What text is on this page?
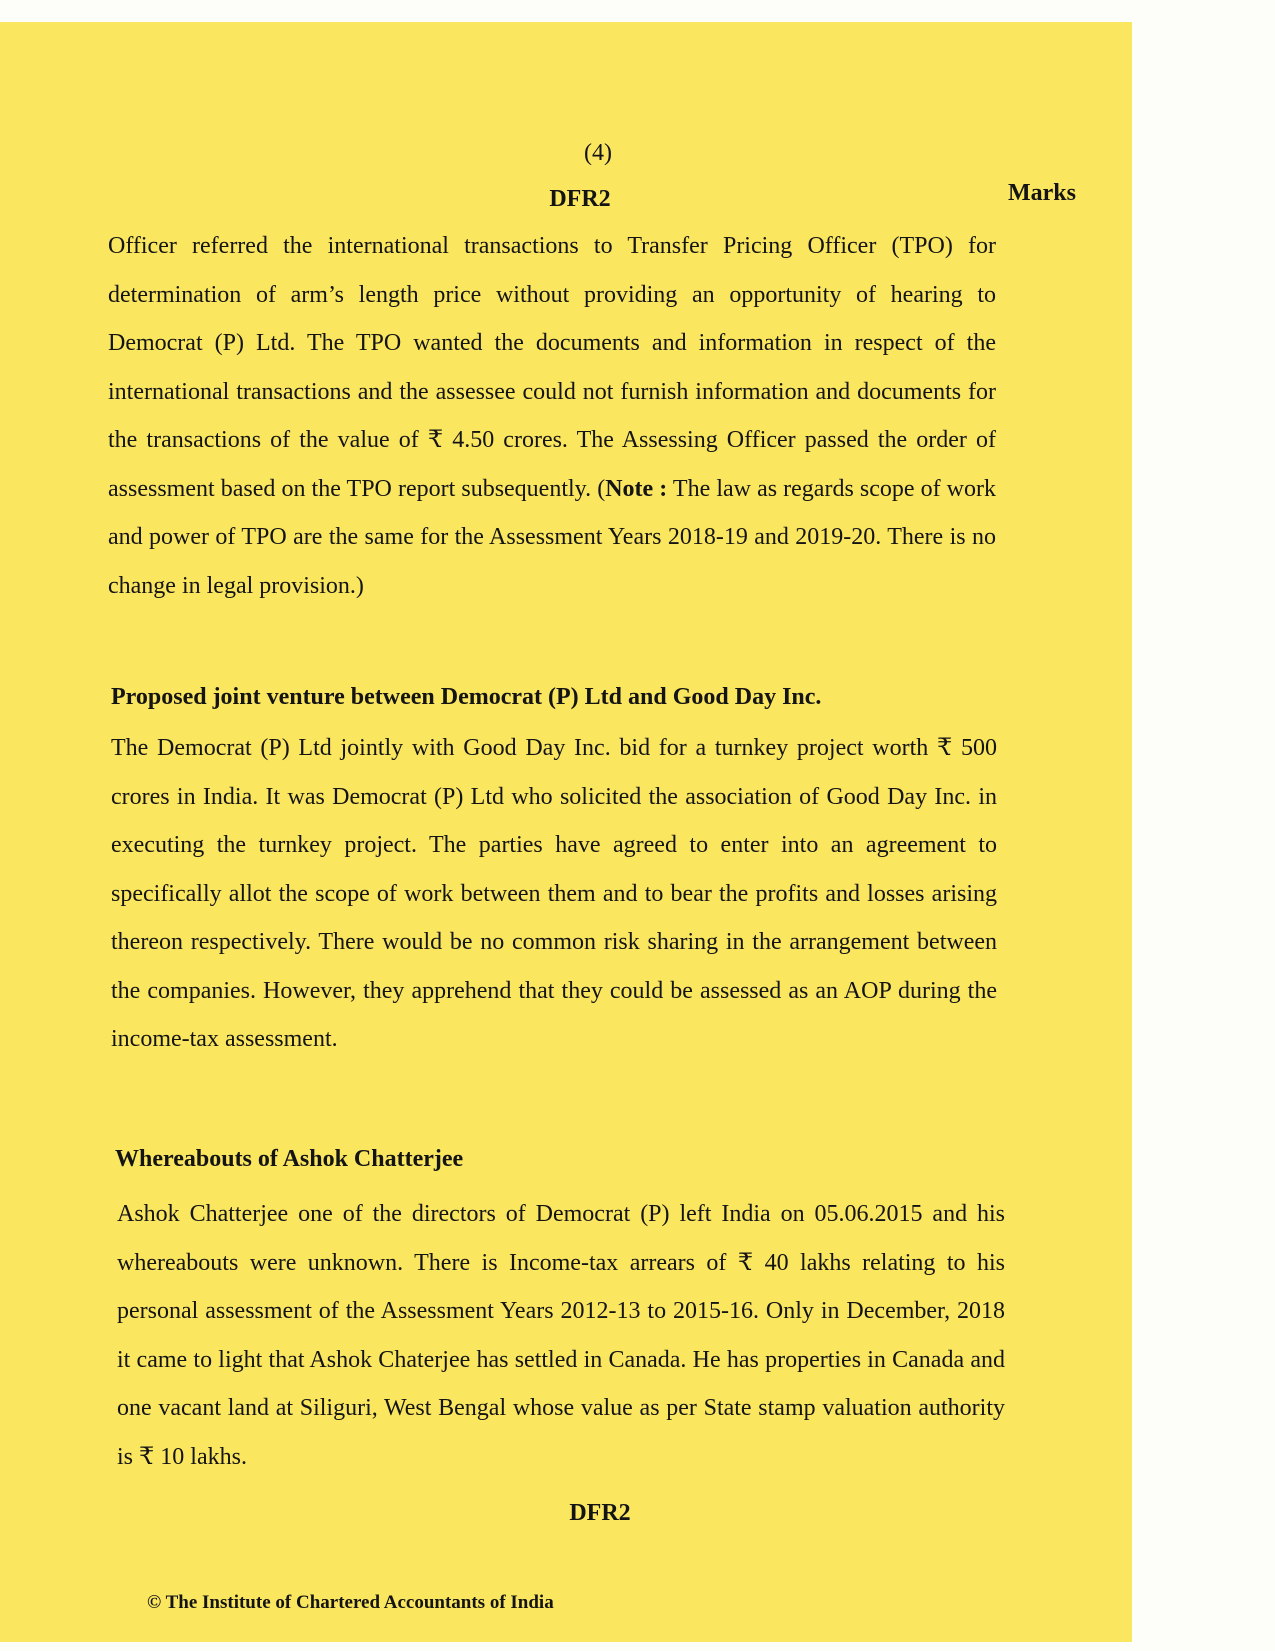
(4)
DFR2	Marks

Officer referred the international transactions to Transfer Pricing Officer (TPO) for determination of arm’s length price without providing an opportunity of hearing to Democrat (P) Ltd. The TPO wanted the documents and information in respect of the international transactions and the assessee could not furnish information and documents for the transactions of the value of ₹ 4.50 crores. The Assessing Officer passed the order of assessment based on the TPO report subsequently. (Note : The law as regards scope of work and power of TPO are the same for the Assessment Years 2018-19 and 2019-20. There is no change in legal provision.)

Proposed joint venture between Democrat (P) Ltd and Good Day Inc.

The Democrat (P) Ltd jointly with Good Day Inc. bid for a turnkey project worth ₹ 500 crores in India. It was Democrat (P) Ltd who solicited the association of Good Day Inc. in executing the turnkey project. The parties have agreed to enter into an agreement to specifically allot the scope of work between them and to bear the profits and losses arising thereon respectively. There would be no common risk sharing in the arrangement between the companies. However, they apprehend that they could be assessed as an AOP during the income-tax assessment.

Whereabouts of Ashok Chatterjee

Ashok Chatterjee one of the directors of Democrat (P) left India on 05.06.2015 and his whereabouts were unknown. There is Income-tax arrears of ₹ 40 lakhs relating to his personal assessment of the Assessment Years 2012-13 to 2015-16. Only in December, 2018 it came to light that Ashok Chaterjee has settled in Canada. He has properties in Canada and one vacant land at Siliguri, West Bengal whose value as per State stamp valuation authority is ₹ 10 lakhs.

DFR2
© The Institute of Chartered Accountants of India
